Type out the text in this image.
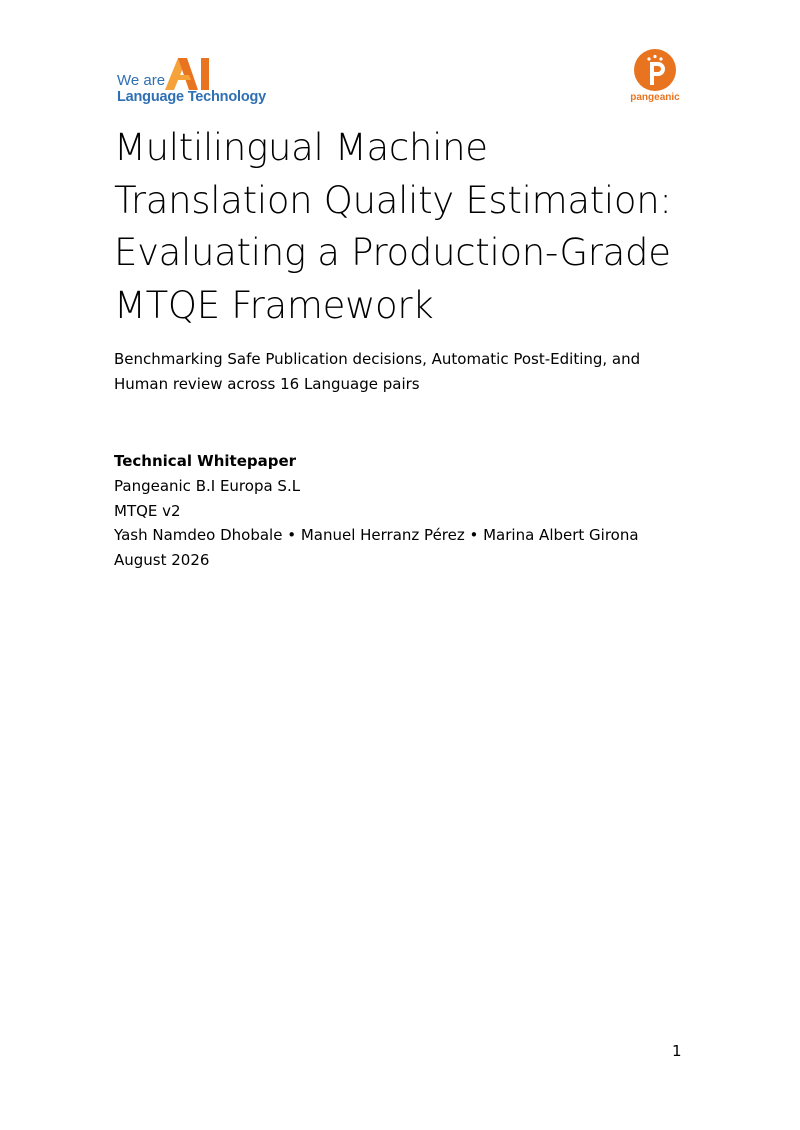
We are
Language Technology	pangeanic
Multilingual Machine Translation Quality Estimation: Evaluating a Production-Grade MTQE Framework

Benchmarking Safe Publication decisions, Automatic Post-Editing, and Human review across 16 Language pairs

Technical Whitepaper
Pangeanic B.I Europa S.L
MTQE v2
Yash Namdeo Dhobale • Manuel Herranz Pérez • Marina Albert Girona
August 2026
1
